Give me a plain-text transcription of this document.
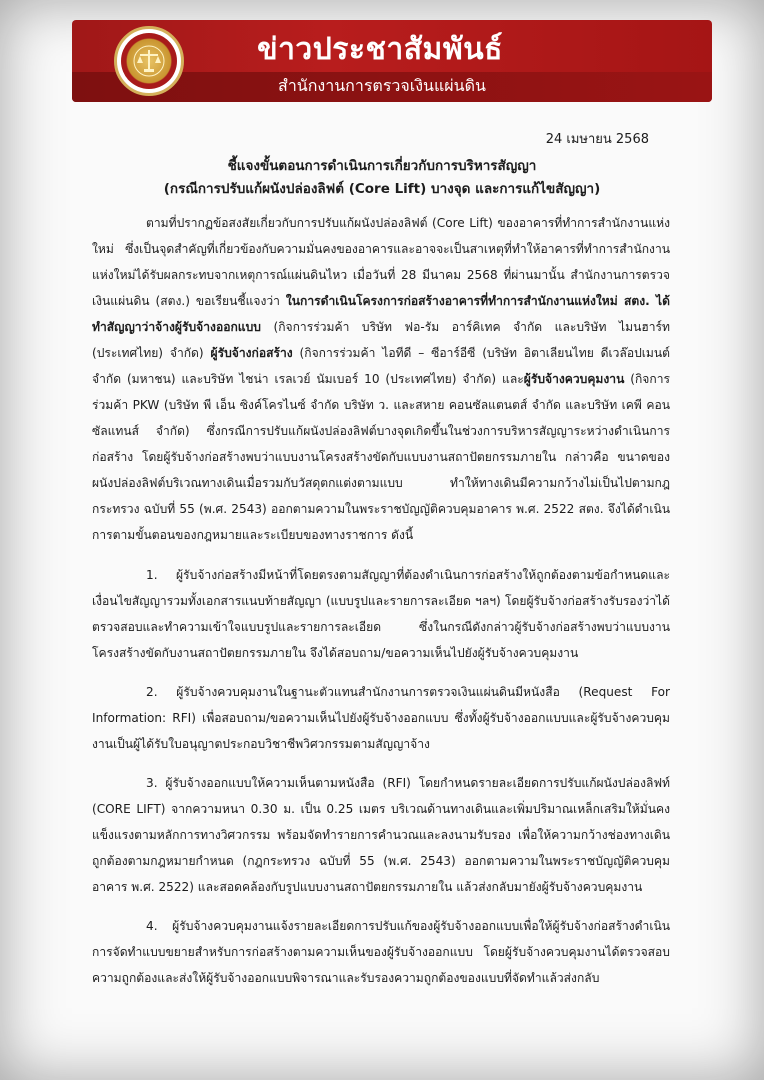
ข่าวประชาสัมพันธ์
สำนักงานการตรวจเงินแผ่นดิน
24 เมษายน 2568
ชี้แจงขั้นตอนการดำเนินการเกี่ยวกับการบริหารสัญญา
(กรณีการปรับแก้ผนังปล่องลิฟต์ (Core Lift) บางจุด และการแก้ไขสัญญา)

ตามที่ปรากฏข้อสงสัยเกี่ยวกับการปรับแก้ผนังปล่องลิฟต์ (Core Lift) ของอาคารที่ทำการสำนักงานแห่งใหม่ ซึ่งเป็นจุดสำคัญที่เกี่ยวข้องกับความมั่นคงของอาคารและอาจจะเป็นสาเหตุที่ทำให้อาคารที่ทำการสำนักงานแห่งใหม่ได้รับผลกระทบจากเหตุการณ์แผ่นดินไหว เมื่อวันที่ 28 มีนาคม 2568 ที่ผ่านมานั้น สำนักงานการตรวจเงินแผ่นดิน (สตง.) ขอเรียนชี้แจงว่า ในการดำเนินโครงการก่อสร้างอาคารที่ทำการสำนักงานแห่งใหม่ สตง. ได้ทำสัญญาว่าจ้างผู้รับจ้างออกแบบ (กิจการร่วมค้า บริษัท ฟอ-รัม อาร์คิเทค จำกัด และบริษัท ไมนฮาร์ท (ประเทศไทย) จำกัด) ผู้รับจ้างก่อสร้าง (กิจการร่วมค้า ไอทีดี – ซีอาร์อีซี (บริษัท อิตาเลียนไทย ดีเวล๊อปเมนต์ จำกัด (มหาชน) และบริษัท ไชน่า เรลเวย์ นัมเบอร์ 10 (ประเทศไทย) จำกัด) และผู้รับจ้างควบคุมงาน (กิจการร่วมค้า PKW (บริษัท พี เอ็น ซิงค์โครไนซ์ จำกัด บริษัท ว. และสหาย คอนซัลแตนตส์ จำกัด และบริษัท เคพี คอนซัลแทนส์ จำกัด) ซึ่งกรณีการปรับแก้ผนังปล่องลิฟต์บางจุดเกิดขึ้นในช่วงการบริหารสัญญาระหว่างดำเนินการก่อสร้าง โดยผู้รับจ้างก่อสร้างพบว่าแบบงานโครงสร้างขัดกับแบบงานสถาปัตยกรรมภายใน กล่าวคือ ขนาดของผนังปล่องลิฟต์บริเวณทางเดินเมื่อรวมกับวัสดุตกแต่งตามแบบ ทำให้ทางเดินมีความกว้างไม่เป็นไปตามกฎกระทรวง ฉบับที่ 55 (พ.ศ. 2543) ออกตามความในพระราชบัญญัติควบคุมอาคาร พ.ศ. 2522 สตง. จึงได้ดำเนินการตามขั้นตอนของกฎหมายและระเบียบของทางราชการ ดังนี้

1. ผู้รับจ้างก่อสร้างมีหน้าที่โดยตรงตามสัญญาที่ต้องดำเนินการก่อสร้างให้ถูกต้องตามข้อกำหนดและเงื่อนไขสัญญารวมทั้งเอกสารแนบท้ายสัญญา (แบบรูปและรายการละเอียด ฯลฯ) โดยผู้รับจ้างก่อสร้างรับรองว่าได้ตรวจสอบและทำความเข้าใจแบบรูปและรายการละเอียด ซึ่งในกรณีดังกล่าวผู้รับจ้างก่อสร้างพบว่าแบบงานโครงสร้างขัดกับงานสถาปัตยกรรมภายใน จึงได้สอบถาม/ขอความเห็นไปยังผู้รับจ้างควบคุมงาน

2. ผู้รับจ้างควบคุมงานในฐานะตัวแทนสำนักงานการตรวจเงินแผ่นดินมีหนังสือ (Request For Information: RFI) เพื่อสอบถาม/ขอความเห็นไปยังผู้รับจ้างออกแบบ ซึ่งทั้งผู้รับจ้างออกแบบและผู้รับจ้างควบคุมงานเป็นผู้ได้รับใบอนุญาตประกอบวิชาชีพวิศวกรรมตามสัญญาจ้าง

3. ผู้รับจ้างออกแบบให้ความเห็นตามหนังสือ (RFI) โดยกำหนดรายละเอียดการปรับแก้ผนังปล่องลิฟท์ (CORE LIFT) จากความหนา 0.30 ม. เป็น 0.25 เมตร บริเวณด้านทางเดินและเพิ่มปริมาณเหล็กเสริมให้มั่นคงแข็งแรงตามหลักการทางวิศวกรรม พร้อมจัดทำรายการคำนวณและลงนามรับรอง เพื่อให้ความกว้างช่องทางเดินถูกต้องตามกฎหมายกำหนด (กฎกระทรวง ฉบับที่ 55 (พ.ศ. 2543) ออกตามความในพระราชบัญญัติควบคุมอาคาร พ.ศ. 2522) และสอดคล้องกับรูปแบบงานสถาปัตยกรรมภายใน แล้วส่งกลับมายังผู้รับจ้างควบคุมงาน

4. ผู้รับจ้างควบคุมงานแจ้งรายละเอียดการปรับแก้ของผู้รับจ้างออกแบบเพื่อให้ผู้รับจ้างก่อสร้างดำเนินการจัดทำแบบขยายสำหรับการก่อสร้างตามความเห็นของผู้รับจ้างออกแบบ โดยผู้รับจ้างควบคุมงานได้ตรวจสอบความถูกต้องและส่งให้ผู้รับจ้างออกแบบพิจารณาและรับรองความถูกต้องของแบบที่จัดทำแล้วส่งกลับ
